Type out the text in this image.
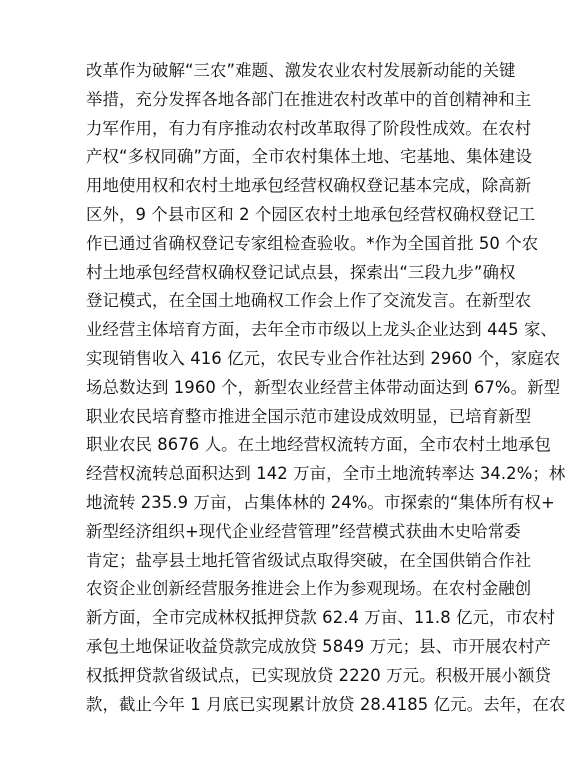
改革作为破解“三农”难题、激发农业农村发展新动能的关键
举措，充分发挥各地各部门在推进农村改革中的首创精神和主
力军作用，有力有序推动农村改革取得了阶段性成效。在农村
产权“多权同确”方面，全市农村集体土地、宅基地、集体建设
用地使用权和农村土地承包经营权确权登记基本完成，除高新
区外，9 个县市区和 2 个园区农村土地承包经营权确权登记工
作已通过省确权登记专家组检查验收。*作为全国首批 50 个农
村土地承包经营权确权登记试点县，探索出“三段九步”确权
登记模式，在全国土地确权工作会上作了交流发言。在新型农
业经营主体培育方面，去年全市市级以上龙头企业达到 445 家、
实现销售收入 416 亿元，农民专业合作社达到 2960 个，家庭农
场总数达到 1960 个，新型农业经营主体带动面达到 67%。新型
职业农民培育整市推进全国示范市建设成效明显，已培育新型
职业农民 8676 人。在土地经营权流转方面，全市农村土地承包
经营权流转总面积达到 142 万亩，全市土地流转率达 34.2%；林
地流转 235.9 万亩，占集体林的 24%。市探索的“集体所有权+
新型经济组织+现代企业经营管理”经营模式获曲木史哈常委
肯定；盐亭县土地托管省级试点取得突破，在全国供销合作社
农资企业创新经营服务推进会上作为参观现场。在农村金融创
新方面，全市完成林权抵押贷款 62.4 万亩、11.8 亿元，市农村
承包土地保证收益贷款完成放贷 5849 万元；县、市开展农村产
权抵押贷款省级试点，已实现放贷 2220 万元。积极开展小额贷
款，截止今年 1 月底已实现累计放贷 28.4185 亿元。去年，在农
